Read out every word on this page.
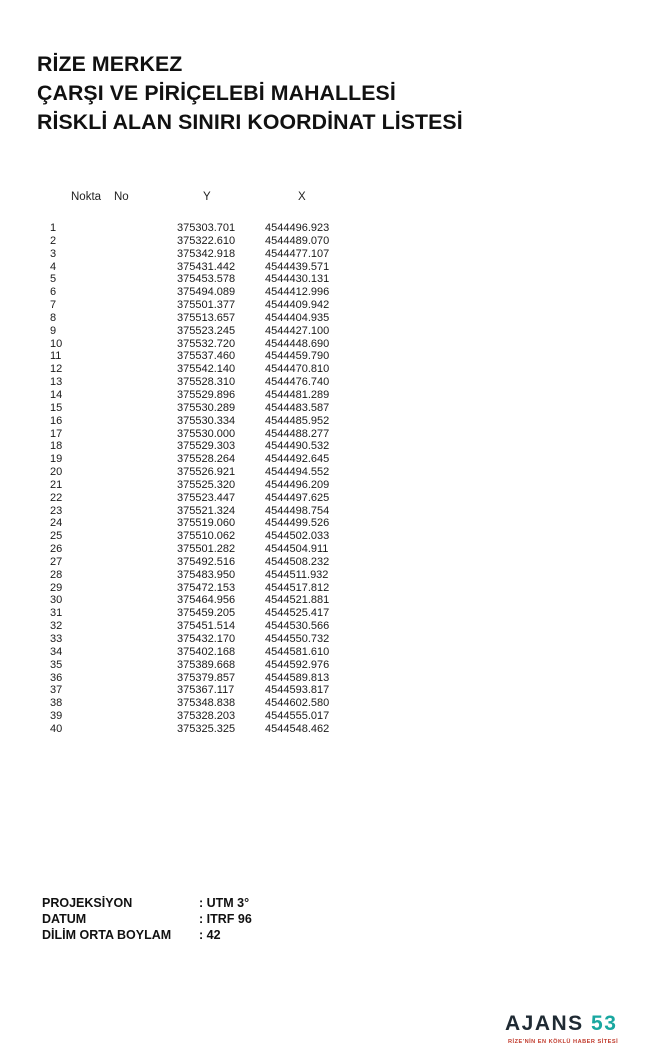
RİZE MERKEZ
ÇARŞI VE PİRİÇELEBİ MAHALLESİ
RİSKLİ ALAN SINIRI KOORDİNAT LİSTESİ
Nokta No	Y	X
1	375303.701	4544496.923
2	375322.610	4544489.070
3	375342.918	4544477.107
4	375431.442	4544439.571
5	375453.578	4544430.131
6	375494.089	4544412.996
7	375501.377	4544409.942
8	375513.657	4544404.935
9	375523.245	4544427.100
10	375532.720	4544448.690
11	375537.460	4544459.790
12	375542.140	4544470.810
13	375528.310	4544476.740
14	375529.896	4544481.289
15	375530.289	4544483.587
16	375530.334	4544485.952
17	375530.000	4544488.277
18	375529.303	4544490.532
19	375528.264	4544492.645
20	375526.921	4544494.552
21	375525.320	4544496.209
22	375523.447	4544497.625
23	375521.324	4544498.754
24	375519.060	4544499.526
25	375510.062	4544502.033
26	375501.282	4544504.911
27	375492.516	4544508.232
28	375483.950	4544511.932
29	375472.153	4544517.812
30	375464.956	4544521.881
31	375459.205	4544525.417
32	375451.514	4544530.566
33	375432.170	4544550.732
34	375402.168	4544581.610
35	375389.668	4544592.976
36	375379.857	4544589.813
37	375367.117	4544593.817
38	375348.838	4544602.580
39	375328.203	4544555.017
40	375325.325	4544548.462
PROJEKSİYON	: UTM 3°
DATUM	: ITRF 96
DİLİM ORTA BOYLAM : 42
AJANS 53
RİZE'NİN EN KÖKLÜ HABER SİTESİ
